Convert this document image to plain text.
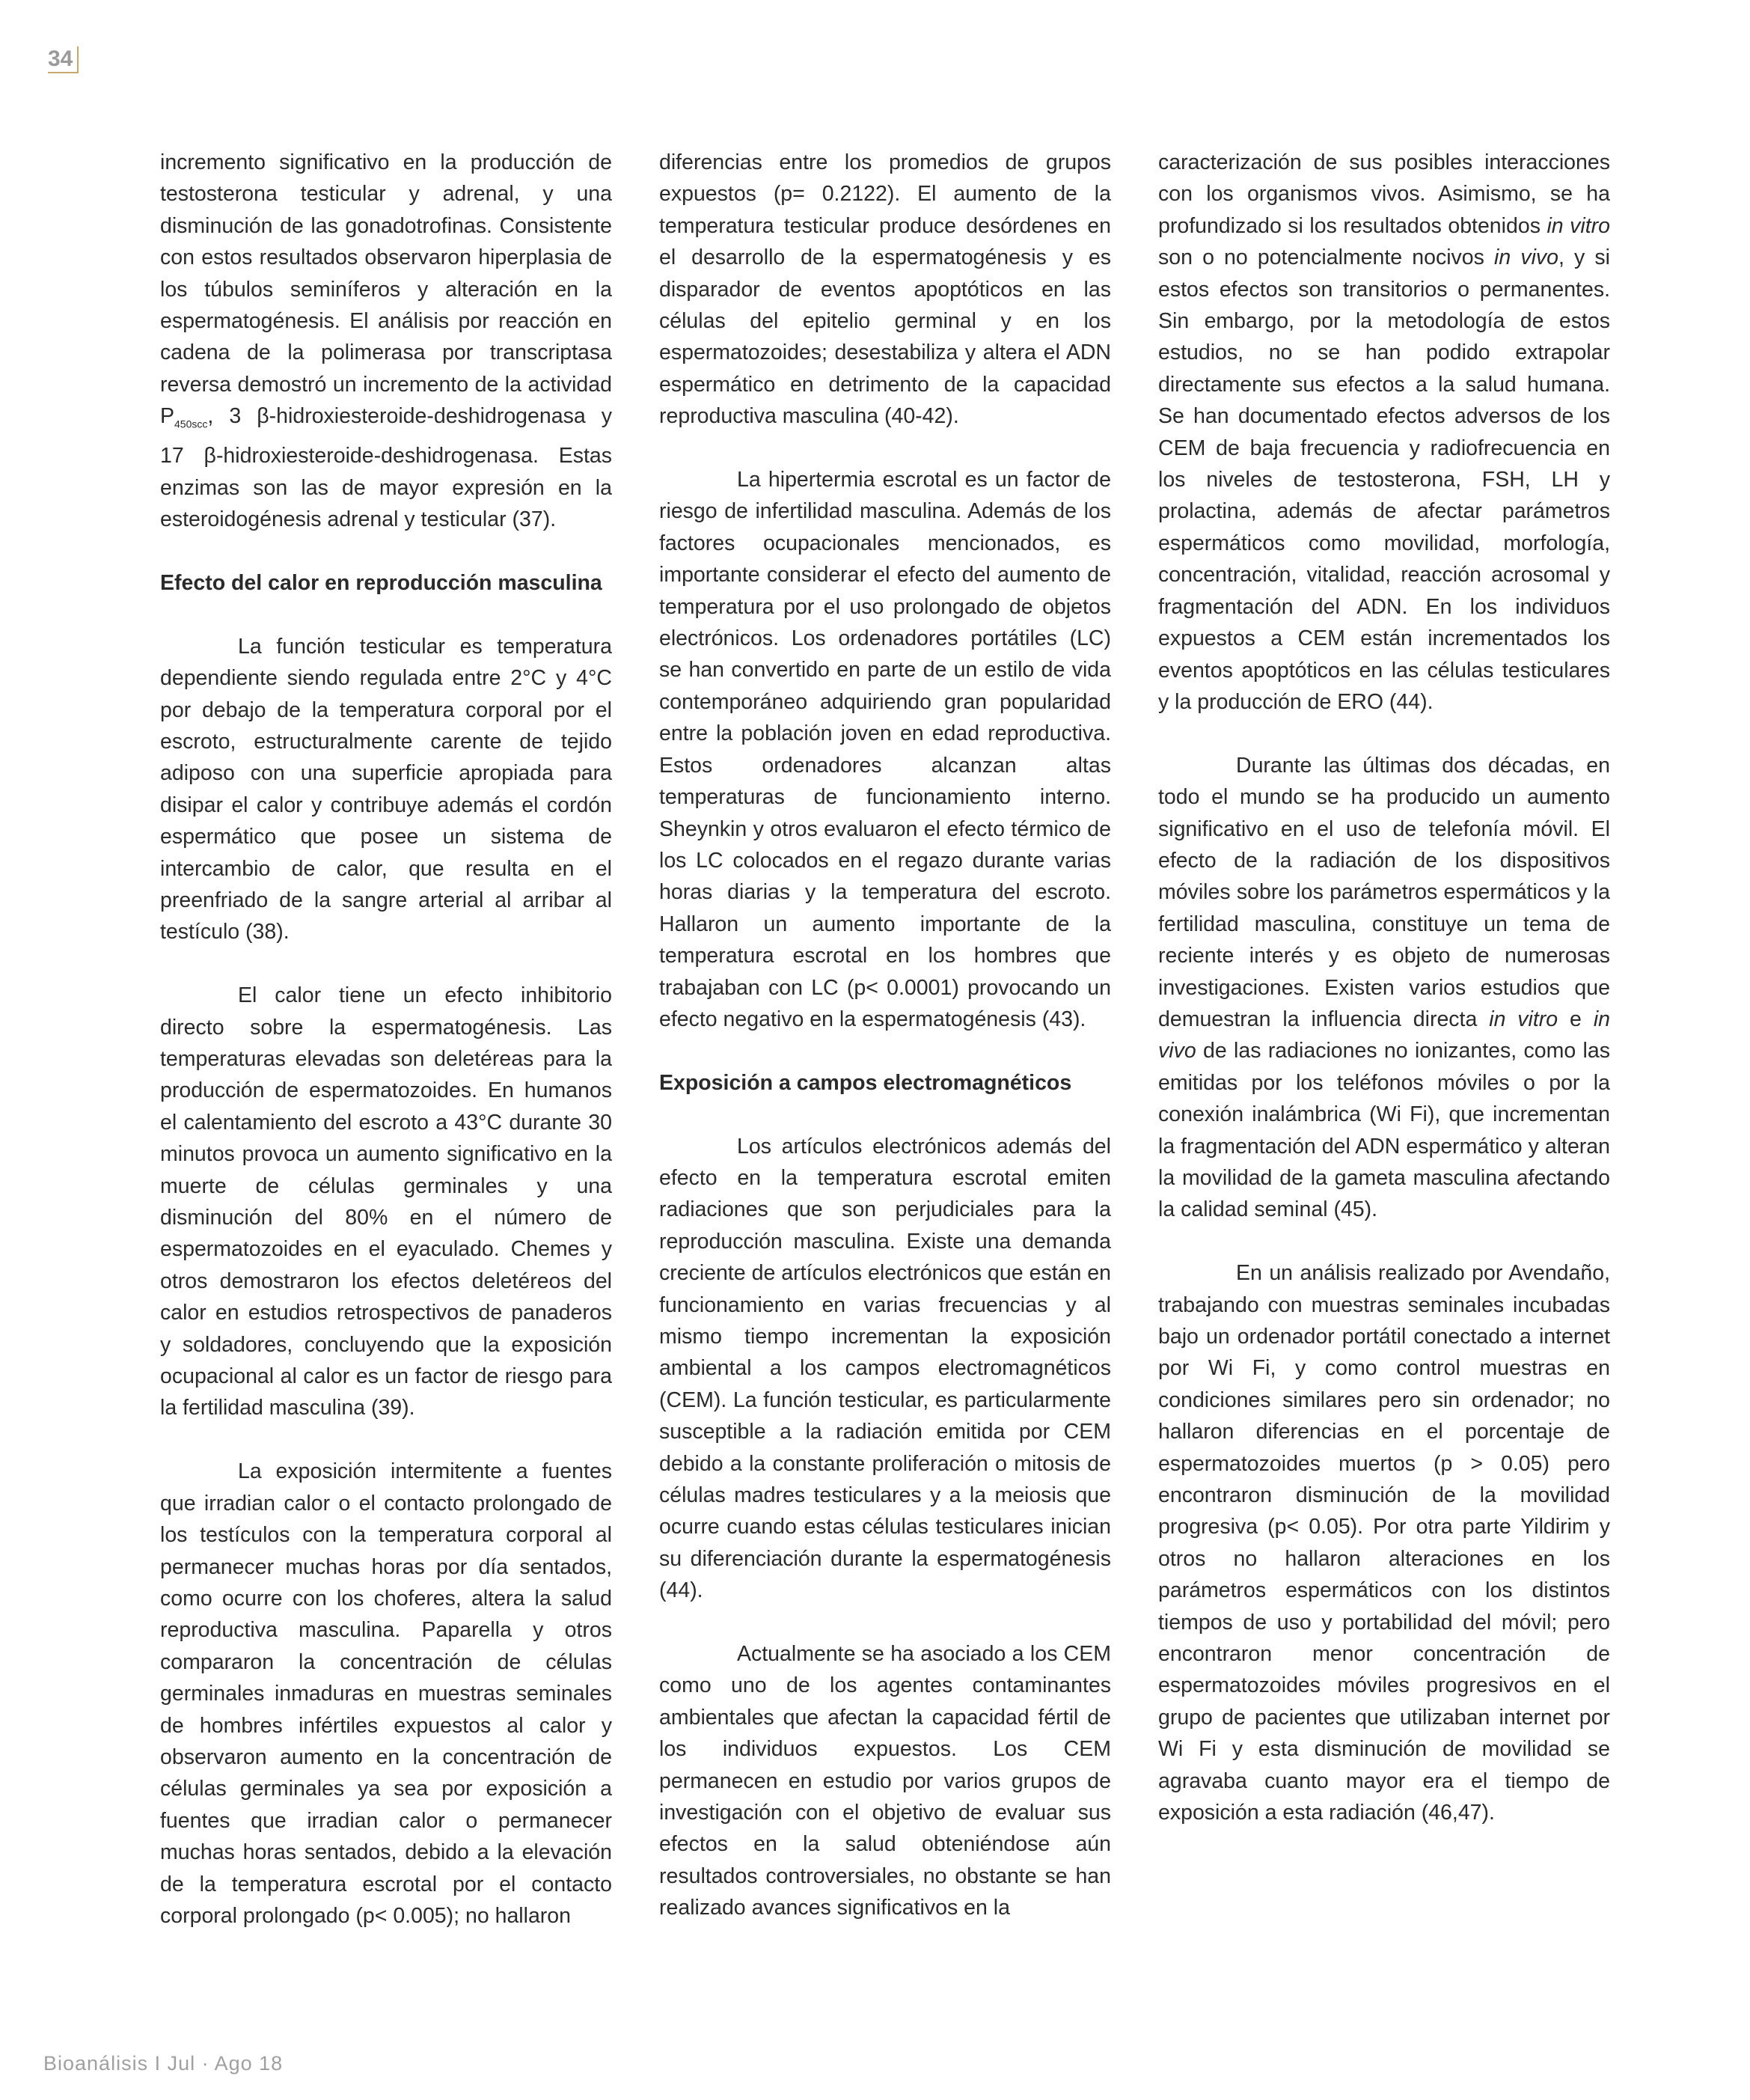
34

incremento significativo en la producción de testosterona testicular y adrenal, y una disminución de las gonadotrofinas. Consistente con estos resultados observaron hiperplasia de los túbulos seminíferos y alteración en la espermatogénesis. El análisis por reacción en cadena de la polimerasa por transcriptasa reversa demostró un incremento de la actividad $P_{450scc}$, 3 β-hidroxiesteroide-deshidrogenasa y 17 β-hidroxiesteroide-deshidrogenasa. Estas enzimas son las de mayor expresión en la esteroidogénesis adrenal y testicular (37).

Efecto del calor en reproducción masculina

La función testicular es temperatura dependiente siendo regulada entre 2°C y 4°C por debajo de la temperatura corporal por el escroto, estructuralmente carente de tejido adiposo con una superficie apropiada para disipar el calor y contribuye además el cordón espermático que posee un sistema de intercambio de calor, que resulta en el preenfriado de la sangre arterial al arribar al testículo (38).

El calor tiene un efecto inhibitorio directo sobre la espermatogénesis. Las temperaturas elevadas son deletéreas para la producción de espermatozoides. En humanos el calentamiento del escroto a 43°C durante 30 minutos provoca un aumento significativo en la muerte de células germinales y una disminución del 80% en el número de espermatozoides en el eyaculado. Chemes y otros demostraron los efectos deletéreos del calor en estudios retrospectivos de panaderos y soldadores, concluyendo que la exposición ocupacional al calor es un factor de riesgo para la fertilidad masculina (39).

La exposición intermitente a fuentes que irradian calor o el contacto prolongado de los testículos con la temperatura corporal al permanecer muchas horas por día sentados, como ocurre con los choferes, altera la salud reproductiva masculina. Paparella y otros compararon la concentración de células germinales inmaduras en muestras seminales de hombres infértiles expuestos al calor y observaron aumento en la concentración de células germinales ya sea por exposición a fuentes que irradian calor o permanecer muchas horas sentados, debido a la elevación de la temperatura escrotal por el contacto corporal prolongado (p< 0.005); no hallaron

diferencias entre los promedios de grupos expuestos (p= 0.2122). El aumento de la temperatura testicular produce desórdenes en el desarrollo de la espermatogénesis y es disparador de eventos apoptóticos en las células del epitelio germinal y en los espermatozoides; desestabiliza y altera el ADN espermático en detrimento de la capacidad reproductiva masculina (40-42).

La hipertermia escrotal es un factor de riesgo de infertilidad masculina. Además de los factores ocupacionales mencionados, es importante considerar el efecto del aumento de temperatura por el uso prolongado de objetos electrónicos. Los ordenadores portátiles (LC) se han convertido en parte de un estilo de vida contemporáneo adquiriendo gran popularidad entre la población joven en edad reproductiva. Estos ordenadores alcanzan altas temperaturas de funcionamiento interno. Sheynkin y otros evaluaron el efecto térmico de los LC colocados en el regazo durante varias horas diarias y la temperatura del escroto. Hallaron un aumento importante de la temperatura escrotal en los hombres que trabajaban con LC (p< 0.0001) provocando un efecto negativo en la espermatogénesis (43).

Exposición a campos electromagnéticos

Los artículos electrónicos además del efecto en la temperatura escrotal emiten radiaciones que son perjudiciales para la reproducción masculina. Existe una demanda creciente de artículos electrónicos que están en funcionamiento en varias frecuencias y al mismo tiempo incrementan la exposición ambiental a los campos electromagnéticos (CEM). La función testicular, es particularmente susceptible a la radiación emitida por CEM debido a la constante proliferación o mitosis de células madres testiculares y a la meiosis que ocurre cuando estas células testiculares inician su diferenciación durante la espermatogénesis (44).

Actualmente se ha asociado a los CEM como uno de los agentes contaminantes ambientales que afectan la capacidad fértil de los individuos expuestos. Los CEM permanecen en estudio por varios grupos de investigación con el objetivo de evaluar sus efectos en la salud obteniéndose aún resultados controversiales, no obstante se han realizado avances significativos en la

caracterización de sus posibles interacciones con los organismos vivos. Asimismo, se ha profundizado si los resultados obtenidos in vitro son o no potencialmente nocivos in vivo, y si estos efectos son transitorios o permanentes. Sin embargo, por la metodología de estos estudios, no se han podido extrapolar directamente sus efectos a la salud humana. Se han documentado efectos adversos de los CEM de baja frecuencia y radiofrecuencia en los niveles de testosterona, FSH, LH y prolactina, además de afectar parámetros espermáticos como movilidad, morfología, concentración, vitalidad, reacción acrosomal y fragmentación del ADN. En los individuos expuestos a CEM están incrementados los eventos apoptóticos en las células testiculares y la producción de ERO (44).

Durante las últimas dos décadas, en todo el mundo se ha producido un aumento significativo en el uso de telefonía móvil. El efecto de la radiación de los dispositivos móviles sobre los parámetros espermáticos y la fertilidad masculina, constituye un tema de reciente interés y es objeto de numerosas investigaciones. Existen varios estudios que demuestran la influencia directa in vitro e in vivo de las radiaciones no ionizantes, como las emitidas por los teléfonos móviles o por la conexión inalámbrica (Wi Fi), que incrementan la fragmentación del ADN espermático y alteran la movilidad de la gameta masculina afectando la calidad seminal (45).

En un análisis realizado por Avendaño, trabajando con muestras seminales incubadas bajo un ordenador portátil conectado a internet por Wi Fi, y como control muestras en condiciones similares pero sin ordenador; no hallaron diferencias en el porcentaje de espermatozoides muertos (p > 0.05) pero encontraron disminución de la movilidad progresiva (p< 0.05). Por otra parte Yildirim y otros no hallaron alteraciones en los parámetros espermáticos con los distintos tiempos de uso y portabilidad del móvil; pero encontraron menor concentración de espermatozoides móviles progresivos en el grupo de pacientes que utilizaban internet por Wi Fi y esta disminución de movilidad se agravaba cuanto mayor era el tiempo de exposición a esta radiación (46,47).

Bioanálisis I Jul · Ago 18
